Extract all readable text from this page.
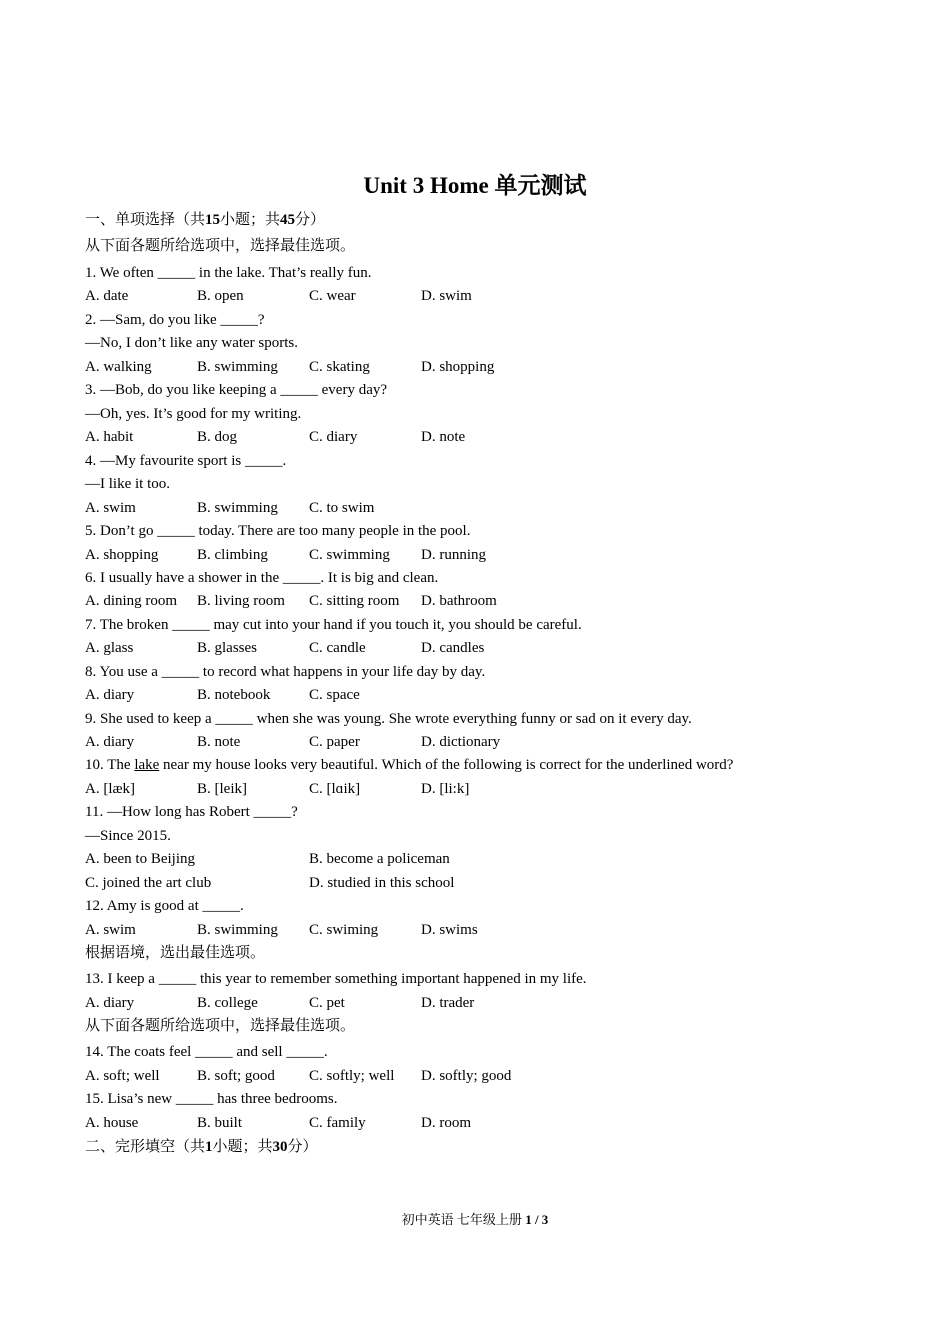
Unit 3 Home 单元测试
一、单项选择（共15小题；共45分）
从下面各题所给选项中，选择最佳选项。
1. We often _____ in the lake. That’s really fun.
A. date	B. open	C. wear	D. swim
2. —Sam, do you like _____?
—No, I don’t like any water sports.
A. walking	B. swimming C. skating	D. shopping
3. —Bob, do you like keeping a _____ every day?
—Oh, yes. It’s good for my writing.
A. habit	B. dog	C. diary	D. note
4. —My favourite sport is _____.
—I like it too.
A. swim	B. swimming C. to swim
5. Don’t go _____ today. There are too many people in the pool.
A. shopping	B. climbing	C. swimming D. running
6. I usually have a shower in the _____. It is big and clean.
A. dining room B. living room C. sitting room D. bathroom
7. The broken _____ may cut into your hand if you touch it, you should be careful.
A. glass	B. glasses	C. candle	D. candles
8. You use a _____ to record what happens in your life day by day.
A. diary	B. notebook	C. space
9. She used to keep a _____ when she was young. She wrote everything funny or sad on it every day.
A. diary	B. note	C. paper	D. dictionary
10. The lake near my house looks very beautiful. Which of the following is correct for the underlined word?
A. [læk]	B. [leik]	C. [lɑik]	D. [li:k]
11. —How long has Robert _____?
—Since 2015.
A. been to Beijing	B. become a policeman
C. joined the art club	D. studied in this school
12. Amy is good at _____.
A. swim	B. swimming C. swiming	D. swims
根据语境，选出最佳选项。
13. I keep a _____ this year to remember something important happened in my life.
A. diary	B. college	C. pet	D. trader
从下面各题所给选项中，选择最佳选项。
14. The coats feel _____ and sell _____.
A. soft; well B. soft; good C. softly; well D. softly; good
15. Lisa’s new _____ has three bedrooms.
A. house	B. built	C. family	D. room
二、完形填空（共1小题；共30分）
初中英语 七年级上册 1 / 3
